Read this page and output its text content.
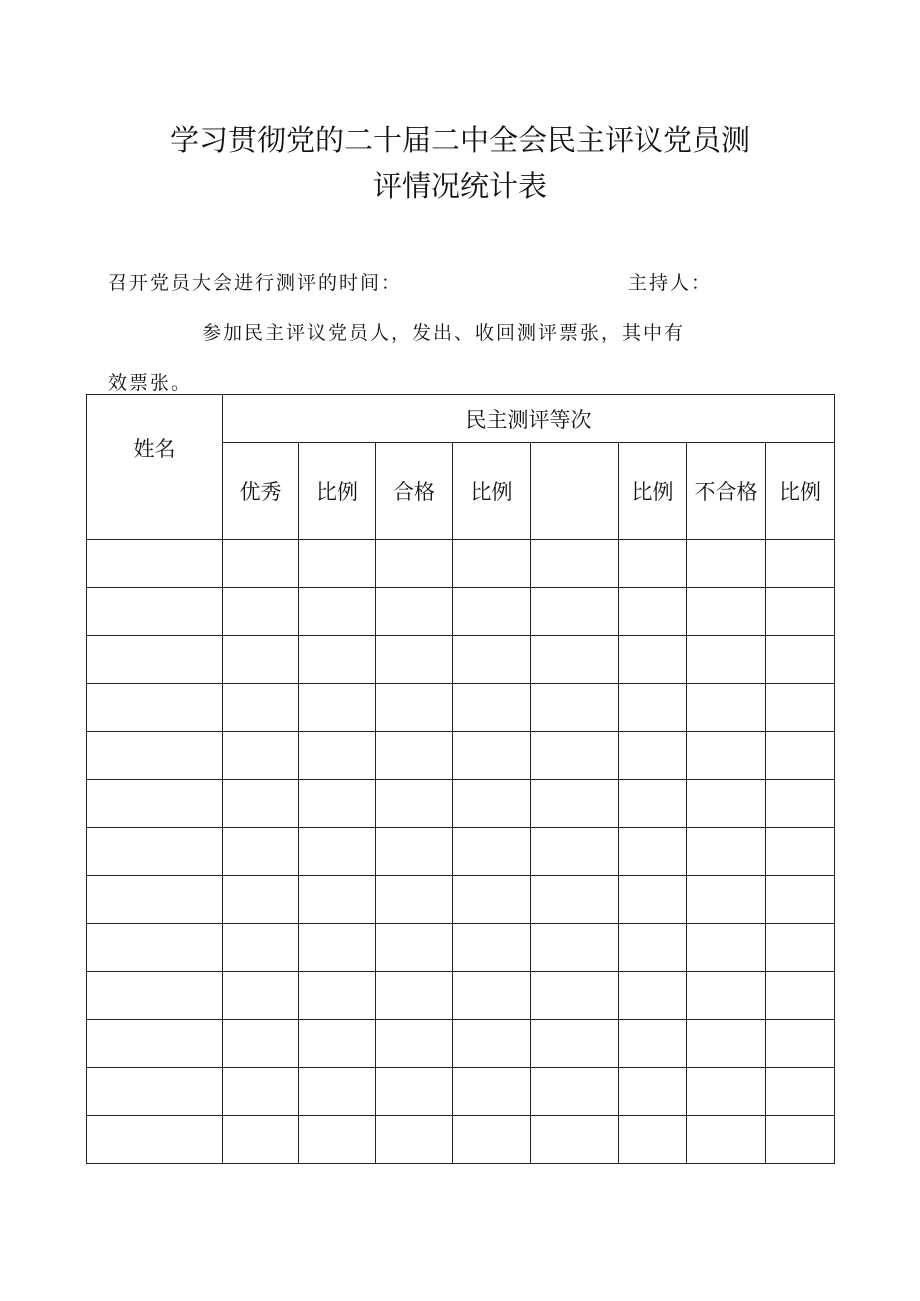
学习贯彻党的二十届二中全会民主评议党员测
评情况统计表
召开党员大会进行测评的时间：	主持人：
参加民主评议党员人，发出、收回测评票张，其中有
效票张。
姓名	民主测评等次							
	优秀	比例	合格	比例		比例	不合格	比例
